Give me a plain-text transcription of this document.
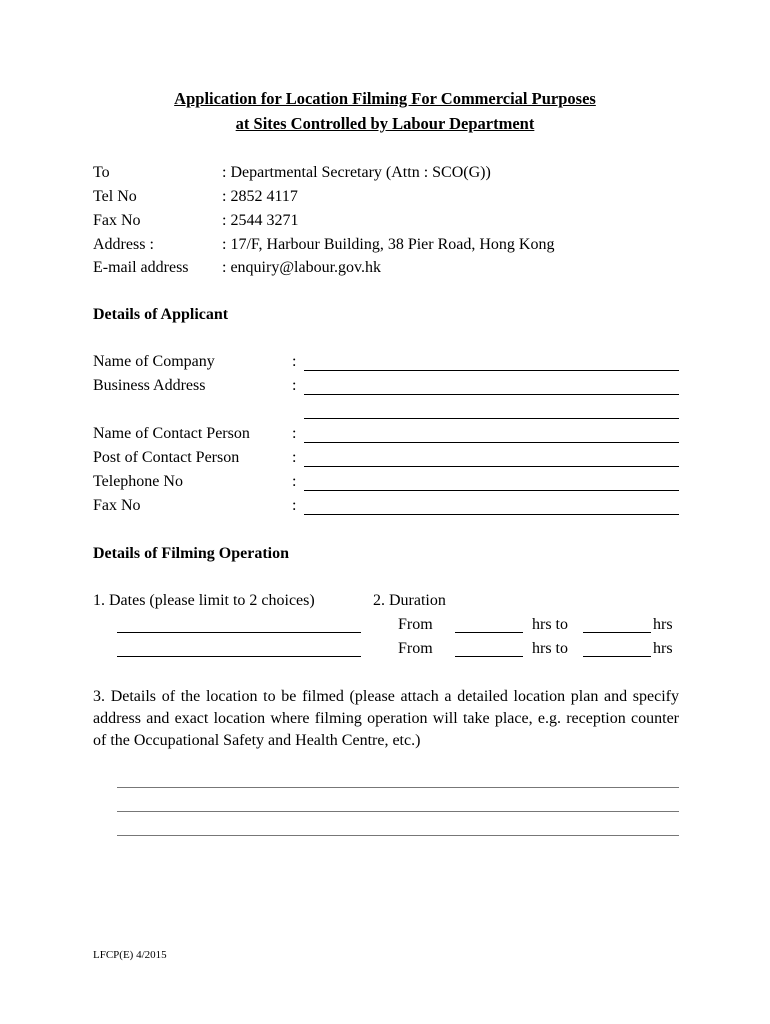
Application for Location Filming For Commercial Purposes
at Sites Controlled by Labour Department
To	: Departmental Secretary (Attn : SCO(G))
Tel No	: 2852 4117
Fax No	: 2544 3271
Address :	: 17/F, Harbour Building, 38 Pier Road, Hong Kong
E-mail address : enquiry@labour.gov.hk
Details of Applicant
Name of Company	:
Business Address	:
Name of Contact Person	:
Post of Contact Person	:
Telephone No	:
Fax No	:
Details of Filming Operation
1. Dates (please limit to 2 choices)	2. Duration
From	hrs to	hrs
From	hrs to	hrs
3. Details of the location to be filmed (please attach a detailed location plan and specify address and exact location where filming operation will take place, e.g. reception counter of the Occupational Safety and Health Centre, etc.)
LFCP(E) 4/2015
